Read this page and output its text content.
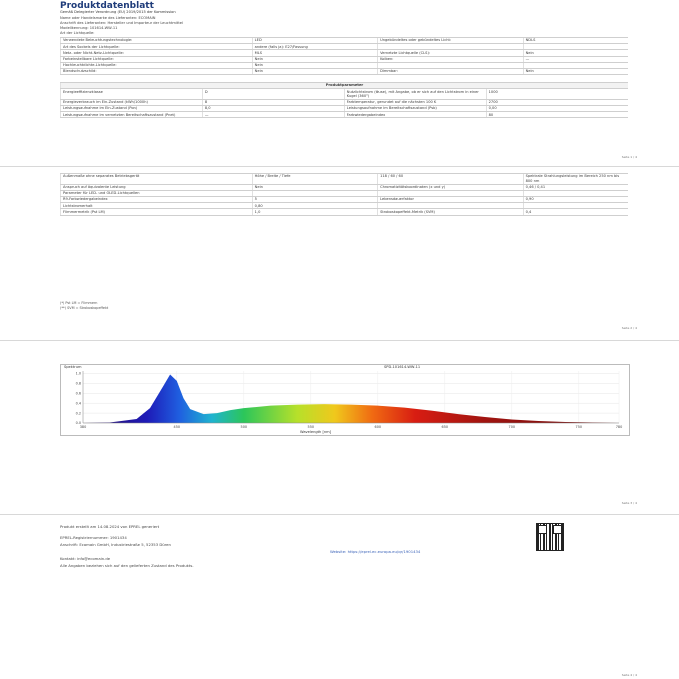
Produktdatenblatt
Gemäß Delegierter Verordnung (EU) 2019/2015 der Kommission
Name oder Handelsmarke des Lieferanten: ECOMAIN
Anschrift des Lieferanten: Hersteller und Importeur der Leuchtmittel
Modellkennung: 101614-WW-11
Art der Lichtquelle:
Verwendete Beleuchtungstechnologie:	LED	Ungebündeltes oder gebündeltes Licht:	NDLS
Art des Sockels der Lichtquelle:	andere (falls ja): E27/Fassung		
Netz- oder Nicht-Netz-Lichtquelle:	MLS	Vernetzte Lichtquelle (CLS):	Nein
Farbeinstellbare Lichtquelle:	Nein	Kolben:	—
Hochleuchtdichte-Lichtquelle:	Nein		
Blendschutzschild:	Nein	Dimmbar:	Nein
Produktparameter			
Energieeffizienzklasse	D	Nutzlichtstrom (Φuse), mit Angabe, ob er sich auf den Lichtstrom in einer Kugel (360°)	1000
Energieverbrauch im Ein-Zustand (kWh/1000h)	8	Farbtemperatur, gerundet auf die nächsten 100 K	2700
Leistungsaufnahme im Ein-Zustand (Pon)	8,0	Leistungsaufnahme im Bereitschaftszustand (Psb)	0,00
Leistungsaufnahme im vernetzten Bereitschaftszustand (Pnet)	—	Farbwiedergabeindex	80
Seite 1 / 4
Außenmaße ohne separates Betriebsgerät	Höhe / Breite / Tiefe	118 / 60 / 60	Spektrale Strahlungsleistung im Bereich 250 nm bis 800 nm
Anspruch auf äquivalente Leistung	Nein	Chromatizitätskoordinaten (x und y)	0,46 / 0,41
Parameter für LED- und OLED-Lichtquellen			
R9-Farbwiedergabeindex	5	Lebensdauerfaktor	0,90
Lichtstromerhalt	0,80		
Flimmermetrik (Pst LM)	1,0	Stroboskopeffekt-Metrik (SVM)	0,4
(*) Pst LM = Flimmern
(**) SVM = Stroboskopeffekt
Seite 2 / 4
Seite 3 / 4
0.0
0.2
0.4
0.6
0.8
1.0
380	450	500	550	600	650	700	750	780
Spektrum	SPD-101614-WW-11
Wavelength [nm]
Produkt erstellt am 14.08.2024 von EPREL generiert
EPREL-Registriernummer: 1901434
Anschrift: Ecomain GmbH, Industriestraße 5, 52353 Düren
Website: https://eprel.ec.europa.eu/qr/1901434
Kontakt: info@ecomain.de
Alle Angaben beziehen sich auf den gelieferten Zustand des Produkts.
Seite 4 / 4
